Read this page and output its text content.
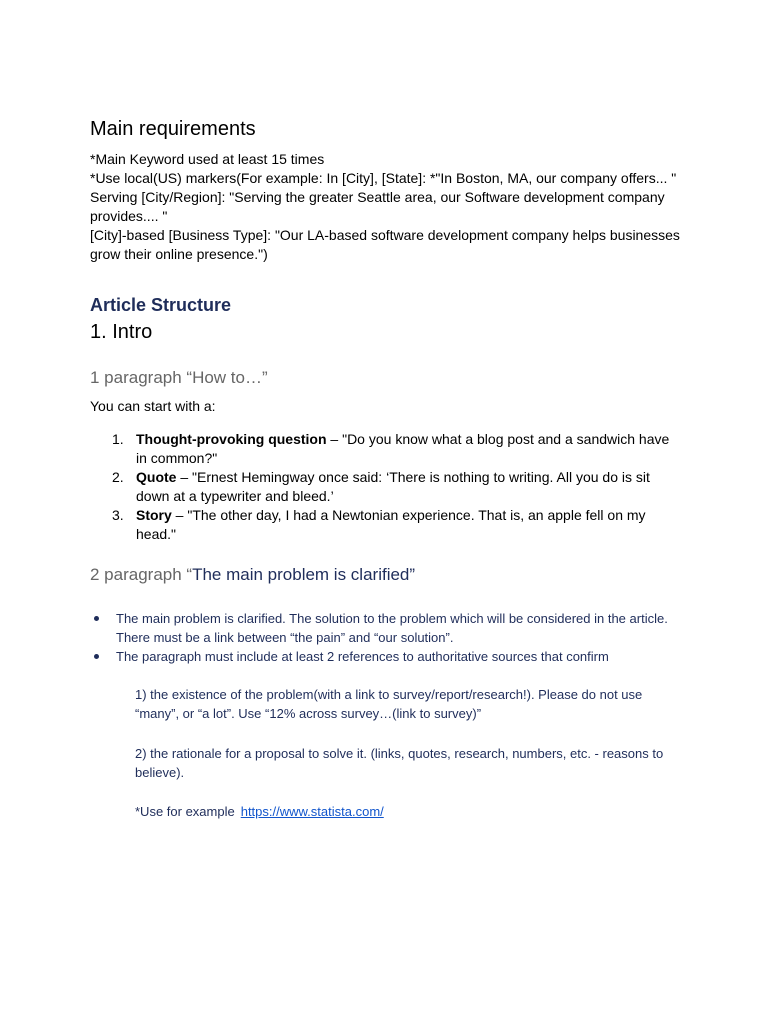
Main requirements
*Main Keyword used at least 15 times
*Use local(US) markers(For example: In [City], [State]: *"In Boston, MA, our company offers... "
Serving [City/Region]: "Serving the greater Seattle area, our Software development company provides.... "
[City]-based [Business Type]: "Our LA-based software development company helps businesses grow their online presence.")
Article Structure
1. Intro
1 paragraph “How to…”
You can start with a:
1. Thought-provoking question – "Do you know what a blog post and a sandwich have in common?"
2. Quote – "Ernest Hemingway once said: ‘There is nothing to writing. All you do is sit down at a typewriter and bleed.’
3. Story – "The other day, I had a Newtonian experience. That is, an apple fell on my head."
2 paragraph “The main problem is clarified”
The main problem is clarified. The solution to the problem which will be considered in the article. There must be a link between “the pain” and “our solution”.
The paragraph must include at least 2 references to authoritative sources that confirm
1) the existence of the problem(with a link to survey/report/research!). Please do not use “many”, or “a lot”. Use “12% across survey…(link to survey)”
2) the rationale for a proposal to solve it. (links, quotes, research, numbers, etc. - reasons to believe).
*Use for example https://www.statista.com/
